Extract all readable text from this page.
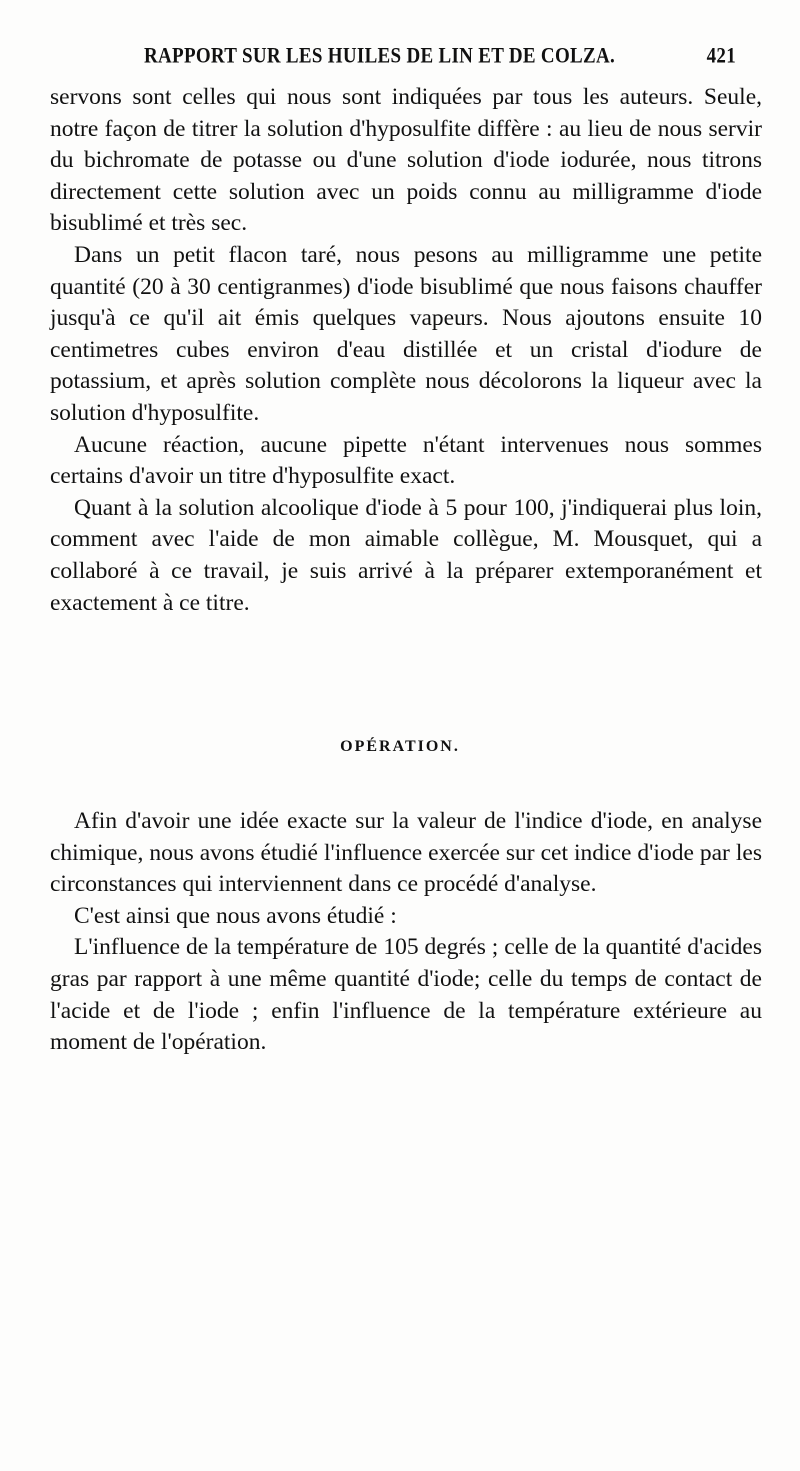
RAPPORT SUR LES HUILES DE LIN ET DE COLZA.	421

servons sont celles qui nous sont indiquées par tous les auteurs. Seule, notre façon de titrer la solution d'hyposulfite diffère : au lieu de nous servir du bichromate de potasse ou d'une solution d'iode iodurée, nous titrons directement cette solution avec un poids connu au milligramme d'iode bisublimé et très sec.

Dans un petit flacon taré, nous pesons au milligramme une petite quantité (20 à 30 centigranmes) d'iode bisublimé que nous faisons chauffer jusqu'à ce qu'il ait émis quelques vapeurs. Nous ajoutons ensuite 10 centimetres cubes environ d'eau distillée et un cristal d'iodure de potassium, et après solution complète nous décolorons la liqueur avec la solution d'hyposulfite.

Aucune réaction, aucune pipette n'étant intervenues nous sommes certains d'avoir un titre d'hyposulfite exact.

Quant à la solution alcoolique d'iode à 5 pour 100, j'indiquerai plus loin, comment avec l'aide de mon aimable collègue, M. Mousquet, qui a collaboré à ce travail, je suis arrivé à la préparer extemporanément et exactement à ce titre.

OPÉRATION.

Afin d'avoir une idée exacte sur la valeur de l'indice d'iode, en analyse chimique, nous avons étudié l'influence exercée sur cet indice d'iode par les circonstances qui interviennent dans ce procédé d'analyse.

C'est ainsi que nous avons étudié :

L'influence de la température de 105 degrés ; celle de la quantité d'acides gras par rapport à une même quantité d'iode; celle du temps de contact de l'acide et de l'iode ; enfin l'influence de la température extérieure au moment de l'opération.
